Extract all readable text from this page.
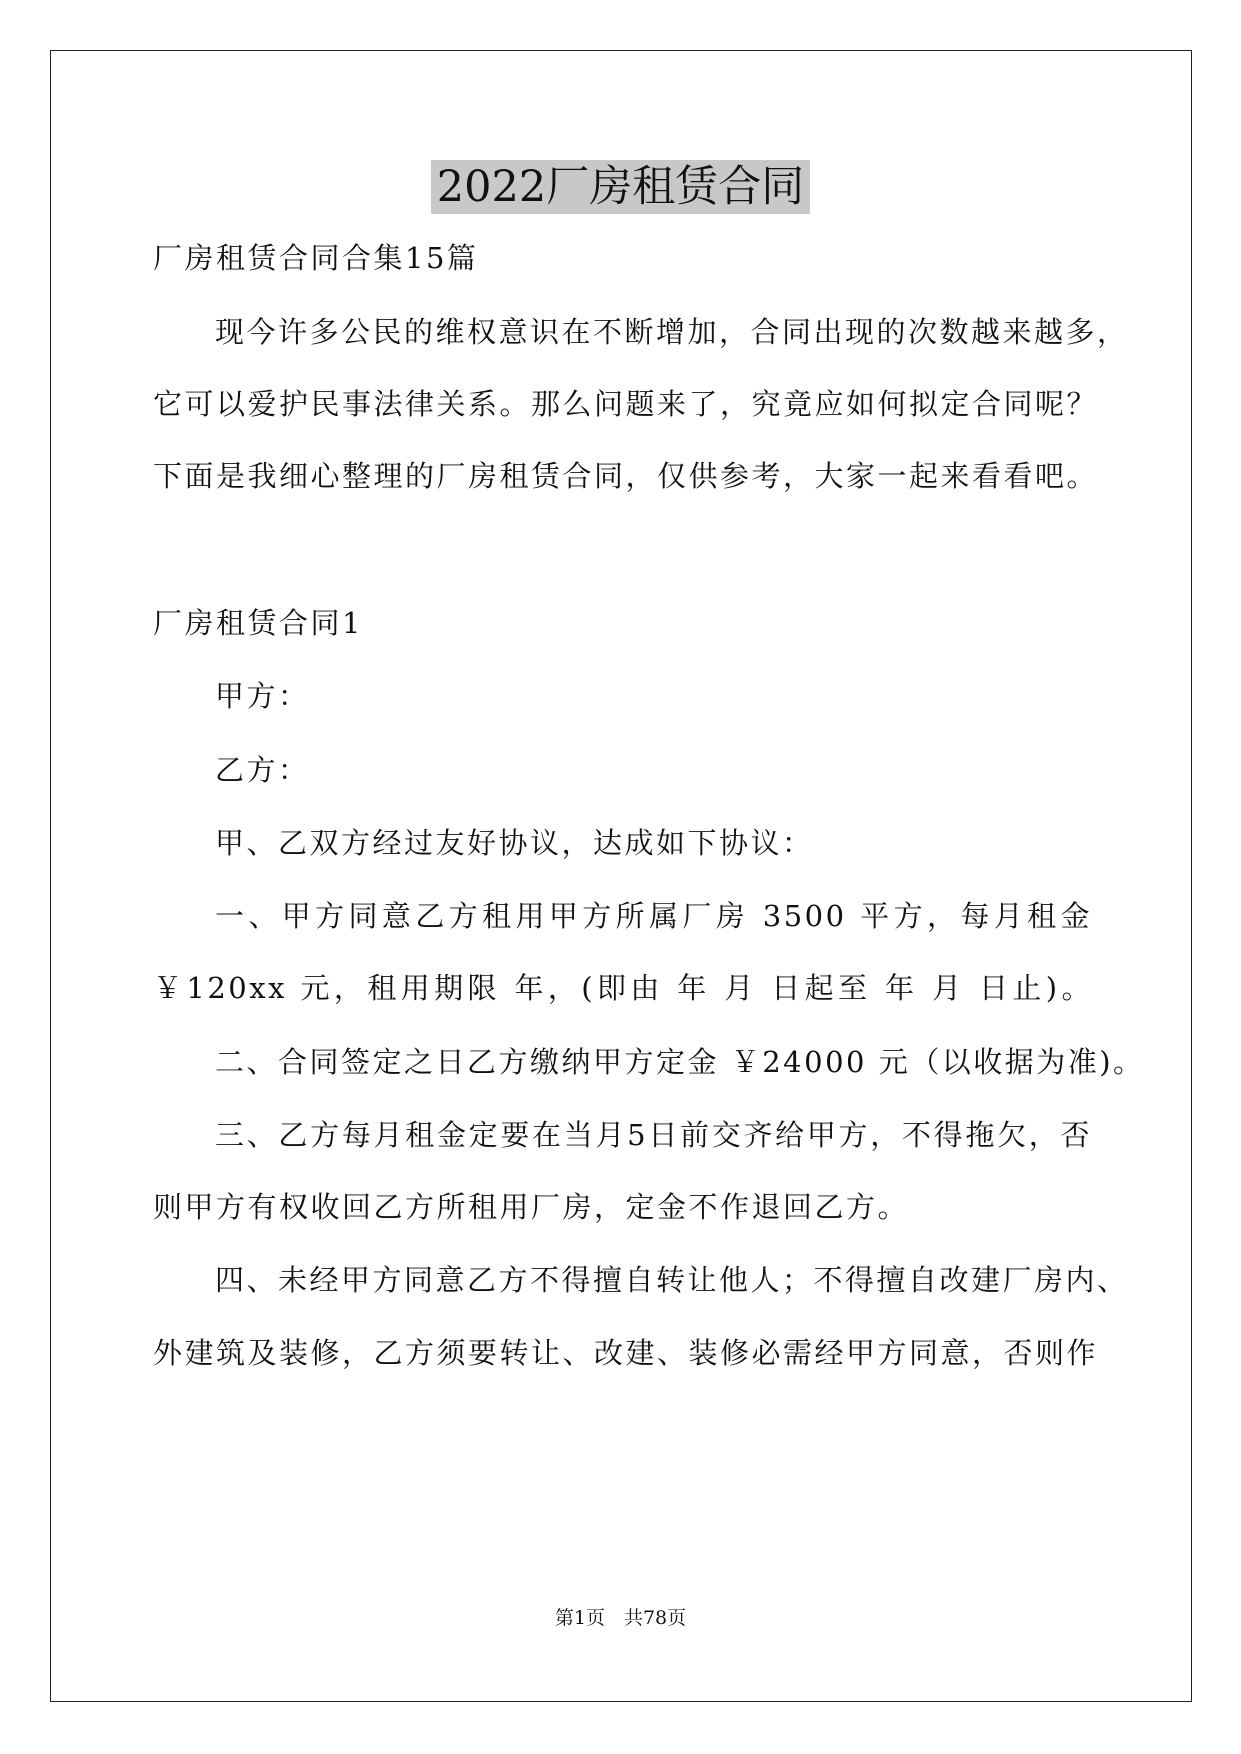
2022厂房租赁合同

厂房租赁合同合集15篇

现今许多公民的维权意识在不断增加，合同出现的次数越来越多，

它可以爱护民事法律关系。那么问题来了，究竟应如何拟定合同呢？

下面是我细心整理的厂房租赁合同，仅供参考，大家一起来看看吧。

厂房租赁合同1

甲方：

乙方：

甲、乙双方经过友好协议，达成如下协议：

一、甲方同意乙方租用甲方所属厂房 3500 平方，每月租金

￥120xx 元，租用期限 年，(即由 年 月 日起至 年 月 日止)。

二、合同签定之日乙方缴纳甲方定金 ￥24000 元（以收据为准)。

三、乙方每月租金定要在当月5日前交齐给甲方，不得拖欠，否

则甲方有权收回乙方所租用厂房，定金不作退回乙方。

四、未经甲方同意乙方不得擅自转让他人；不得擅自改建厂房内、

外建筑及装修，乙方须要转让、改建、装修必需经甲方同意，否则作

第1页　共78页
